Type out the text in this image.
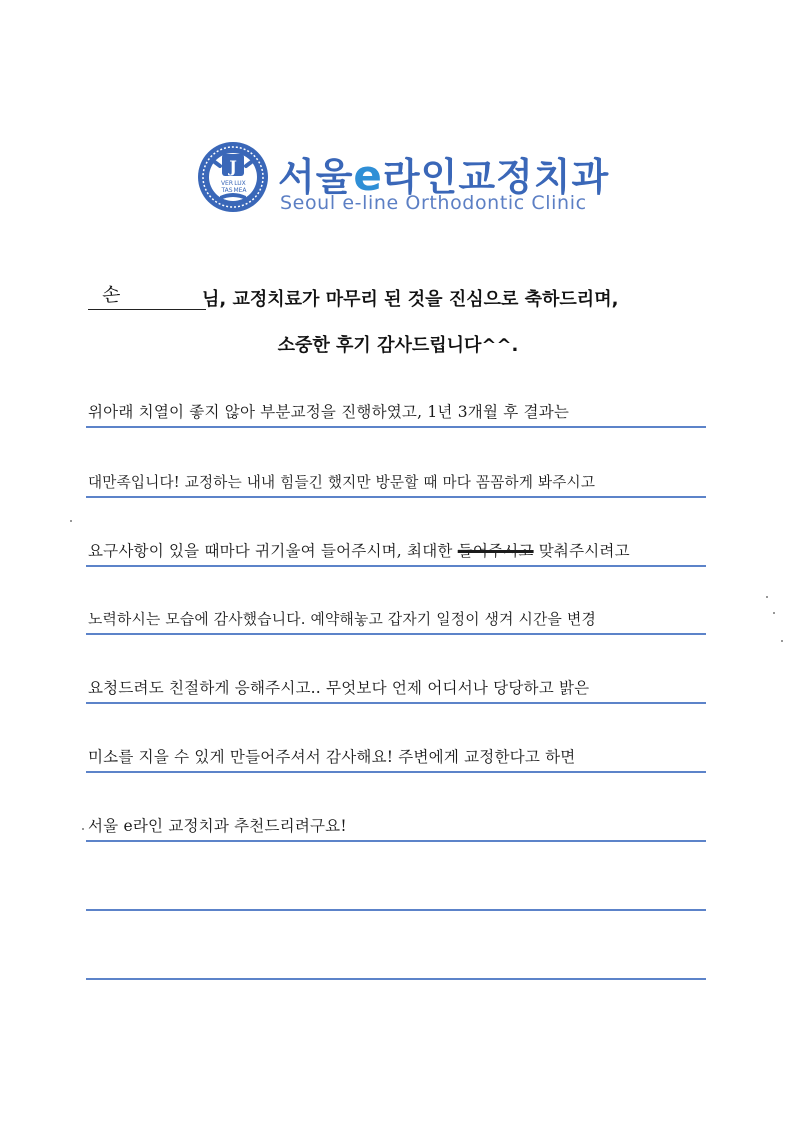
J
VER LUX
TAS MEA 서울e라인교정치과
Seoul e-line Orthodontic Clinic
손	님, 교정치료가 마무리 된 것을 진심으로 축하드리며,
소중한 후기 감사드립니다^^.
위아래 치열이 좋지 않아 부분교정을 진행하였고, 1년 3개월 후 결과는
대만족입니다! 교정하는 내내 힘들긴 했지만 방문할 때 마다 꼼꼼하게 봐주시고
요구사항이 있을 때마다 귀기울여 들어주시며, 최대한 들어주시고 맞춰주시려고
노력하시는 모습에 감사했습니다. 예약해놓고 갑자기 일정이 생겨 시간을 변경
요청드려도 친절하게 응해주시고.. 무엇보다 언제 어디서나 당당하고 밝은
미소를 지을 수 있게 만들어주셔서 감사해요! 주변에게 교정한다고 하면
서울 e라인 교정치과 추천드리려구요!
